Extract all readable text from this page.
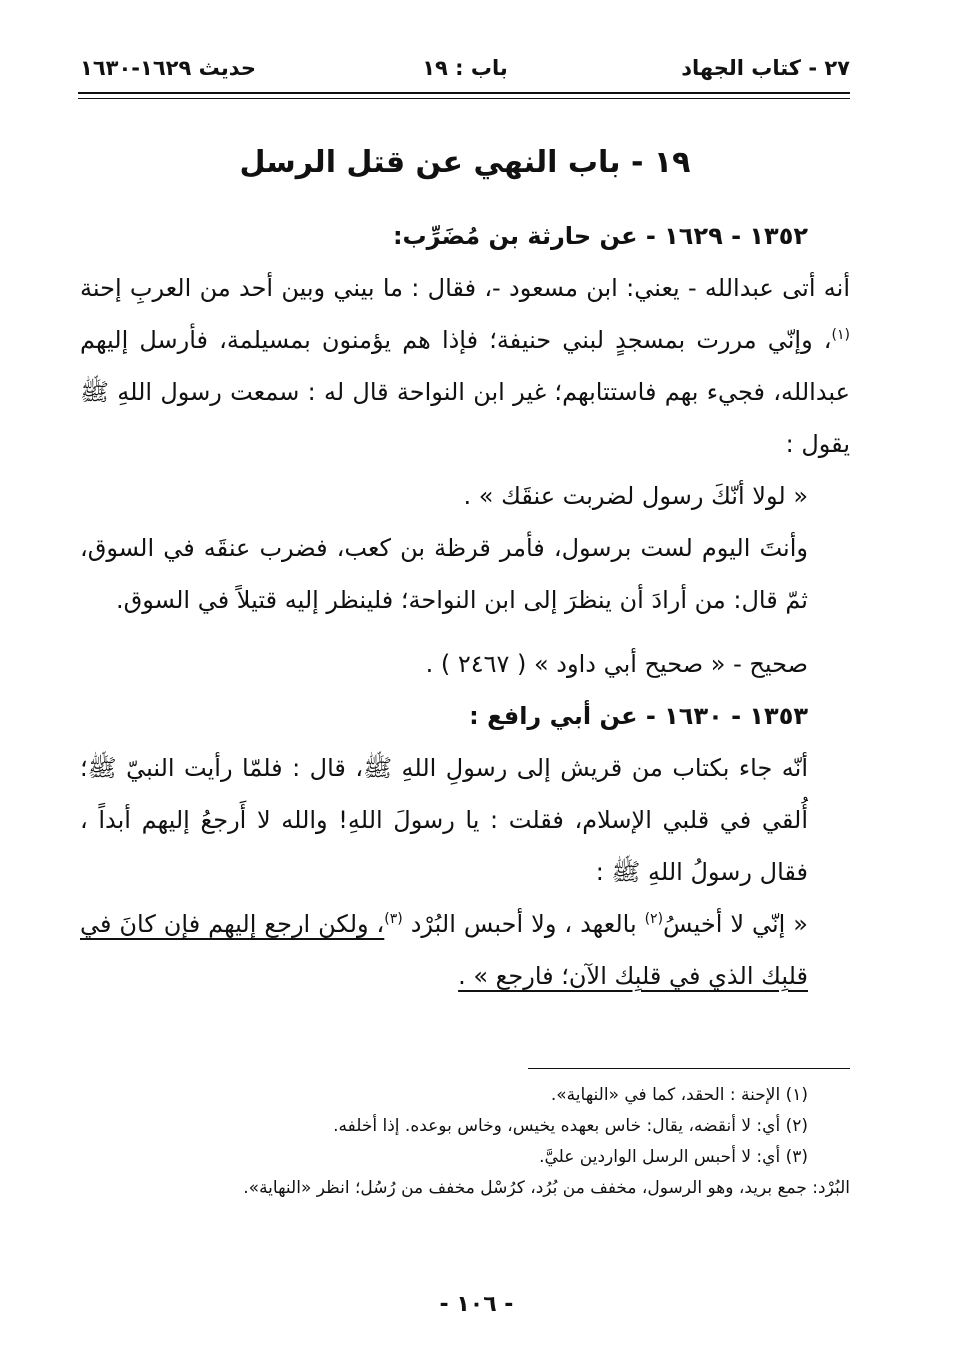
٢٧ - كتاب الجهاد
باب : ١٩
حديث ١٦٢٩-١٦٣٠
١٩ - باب النهي عن قتل الرسل

١٣٥٢ - ١٦٢٩ - عن حارثة بن مُضَرِّب:

أنه أتى عبدالله - يعني: ابن مسعود -، فقال : ما بيني وبين أحد من العربِ إحنة $^{(١)}$، وإنّي مررت بمسجدٍ لبني حنيفة؛ فإذا هم يؤمنون بمسيلمة، فأرسل إليهم عبدالله، فجيء بهم فاستتابهم؛ غير ابن النواحة قال له : سمعت رسول اللهِ ﷺ يقول :

« لولا أنّكَ رسول لضربت عنقَك » .

وأنتَ اليوم لست برسول، فأمر قرظة بن كعب، فضرب عنقَه في السوق، ثمّ قال: من أرادَ أن ينظرَ إلى ابن النواحة؛ فلينظر إليه قتيلاً في السوق.

صحيح - « صحيح أبي داود » ( ٢٤٦٧ ) .

١٣٥٣ - ١٦٣٠ - عن أبي رافع :

أنّه جاء بكتاب من قريش إلى رسولِ اللهِ ﷺ، قال : فلمّا رأيت النبيّ ﷺ؛ أُلقي في قلبي الإسلام، فقلت : يا رسولَ اللهِ! والله لا أَرجعُ إليهم أبداً ، فقال رسولُ اللهِ ﷺ :

« إنّي لا أخيسُ$^{(٢)}$ بالعهد ، ولا أحبس البُرْد $^{(٣)}$، ولكن ارجع إليهم فإن كانَ في قلبِك الذي في قلبِك الآن؛ فارجع » .

(١) الإحنة : الحقد، كما في «النهاية».

(٢) أي: لا أنقضه، يقال: خاس بعهده يخيس، وخاس بوعده. إذا أخلفه.

(٣) أي: لا أحبس الرسل الواردين عليَّ.

البُرْد: جمع بريد، وهو الرسول، مخفف من بُرُد، كرُسْل مخفف من رُسُل؛ انظر «النهاية».

- ١٠٦ -
